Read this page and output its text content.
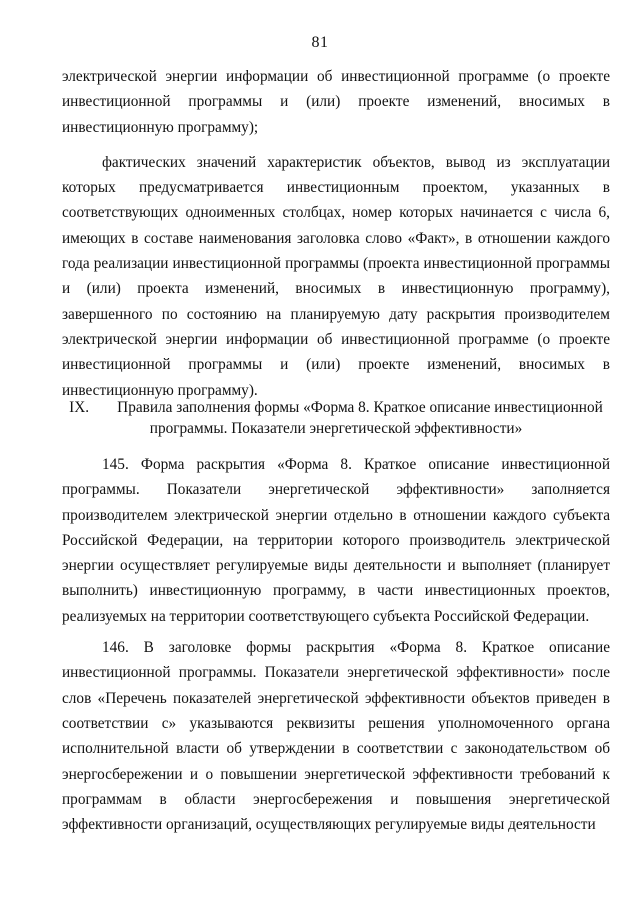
81

электрической энергии информации об инвестиционной программе (о проекте инвестиционной программы и (или) проекте изменений, вносимых в инвестиционную программу);

фактических значений характеристик объектов, вывод из эксплуатации которых предусматривается инвестиционным проектом, указанных в соответствующих одноименных столбцах, номер которых начинается с числа 6, имеющих в составе наименования заголовка слово «Факт», в отношении каждого года реализации инвестиционной программы (проекта инвестиционной программы и (или) проекта изменений, вносимых в инвестиционную программу), завершенного по состоянию на планируемую дату раскрытия производителем электрической энергии информации об инвестиционной программе (о проекте инвестиционной программы и (или) проекте изменений, вносимых в инвестиционную программу).

IX. Правила заполнения формы «Форма 8. Краткое описание инвестиционной
программы. Показатели энергетической эффективности»

145. Форма раскрытия «Форма 8. Краткое описание инвестиционной программы. Показатели энергетической эффективности» заполняется производителем электрической энергии отдельно в отношении каждого субъекта Российской Федерации, на территории которого производитель электрической энергии осуществляет регулируемые виды деятельности и выполняет (планирует выполнить) инвестиционную программу, в части инвестиционных проектов, реализуемых на территории соответствующего субъекта Российской Федерации.

146. В заголовке формы раскрытия «Форма 8. Краткое описание инвестиционной программы. Показатели энергетической эффективности» после слов «Перечень показателей энергетической эффективности объектов приведен в соответствии с» указываются реквизиты решения уполномоченного органа исполнительной власти об утверждении в соответствии с законодательством об энергосбережении и о повышении энергетической эффективности требований к программам в области энергосбережения и повышения энергетической эффективности организаций, осуществляющих регулируемые виды деятельности
